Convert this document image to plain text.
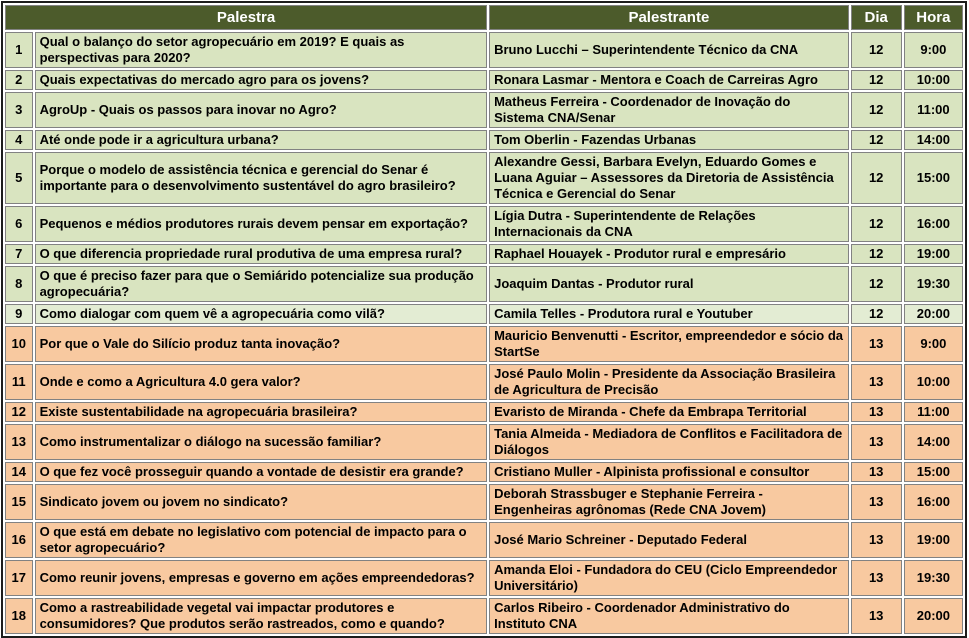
Palestra		Palestrante	Dia	Hora
1	Qual o balanço do setor agropecuário em 2019? E quais as perspectivas para 2020?	Bruno Lucchi – Superintendente Técnico da CNA	12	9:00
2	Quais expectativas do mercado agro para os jovens?	Ronara Lasmar - Mentora e Coach de Carreiras Agro	12	10:00
3	AgroUp - Quais os passos para inovar no Agro?	Matheus Ferreira - Coordenador de Inovação do Sistema CNA/Senar	12	11:00
4	Até onde pode ir a agricultura urbana?	Tom Oberlin - Fazendas Urbanas	12	14:00
5	Porque o modelo de assistência técnica e gerencial do Senar é importante para o desenvolvimento sustentável do agro brasileiro?	Alexandre Gessi, Barbara Evelyn, Eduardo Gomes e Luana Aguiar – Assessores da Diretoria de Assistência Técnica e Gerencial do Senar	12	15:00
6	Pequenos e médios produtores rurais devem pensar em exportação?	Lígia Dutra - Superintendente de Relações Internacionais da CNA	12	16:00
7	O que diferencia propriedade rural produtiva de uma empresa rural?	Raphael Houayek - Produtor rural e empresário	12	19:00
8	O que é preciso fazer para que o Semiárido potencialize sua produção agropecuária?	Joaquim Dantas - Produtor rural	12	19:30
9	Como dialogar com quem vê a agropecuária como vilã?	Camila Telles - Produtora rural e Youtuber	12	20:00
10	Por que o Vale do Silício produz tanta inovação?	Mauricio Benvenutti - Escritor, empreendedor e sócio da StartSe	13	9:00
11	Onde e como a Agricultura 4.0 gera valor?	José Paulo Molin - Presidente da Associação Brasileira de Agricultura de Precisão	13	10:00
12	Existe sustentabilidade na agropecuária brasileira?	Evaristo de Miranda - Chefe da Embrapa Territorial	13	11:00
13	Como instrumentalizar o diálogo na sucessão familiar?	Tania Almeida - Mediadora de Conflitos e Facilitadora de Diálogos	13	14:00
14	O que fez você prosseguir quando a vontade de desistir era grande?	Cristiano Muller - Alpinista profissional e consultor	13	15:00
15	Sindicato jovem ou jovem no sindicato?	Deborah Strassbuger e Stephanie Ferreira - Engenheiras agrônomas (Rede CNA Jovem)	13	16:00
16	O que está em debate no legislativo com potencial de impacto para o setor agropecuário?	José Mario Schreiner - Deputado Federal	13	19:00
17	Como reunir jovens, empresas e governo em ações empreendedoras?	Amanda Eloi - Fundadora do CEU (Ciclo Empreendedor Universitário)	13	19:30
18	Como a rastreabilidade vegetal vai impactar produtores e consumidores? Que produtos serão rastreados, como e quando?	Carlos Ribeiro - Coordenador Administrativo do Instituto CNA	13	20:00
